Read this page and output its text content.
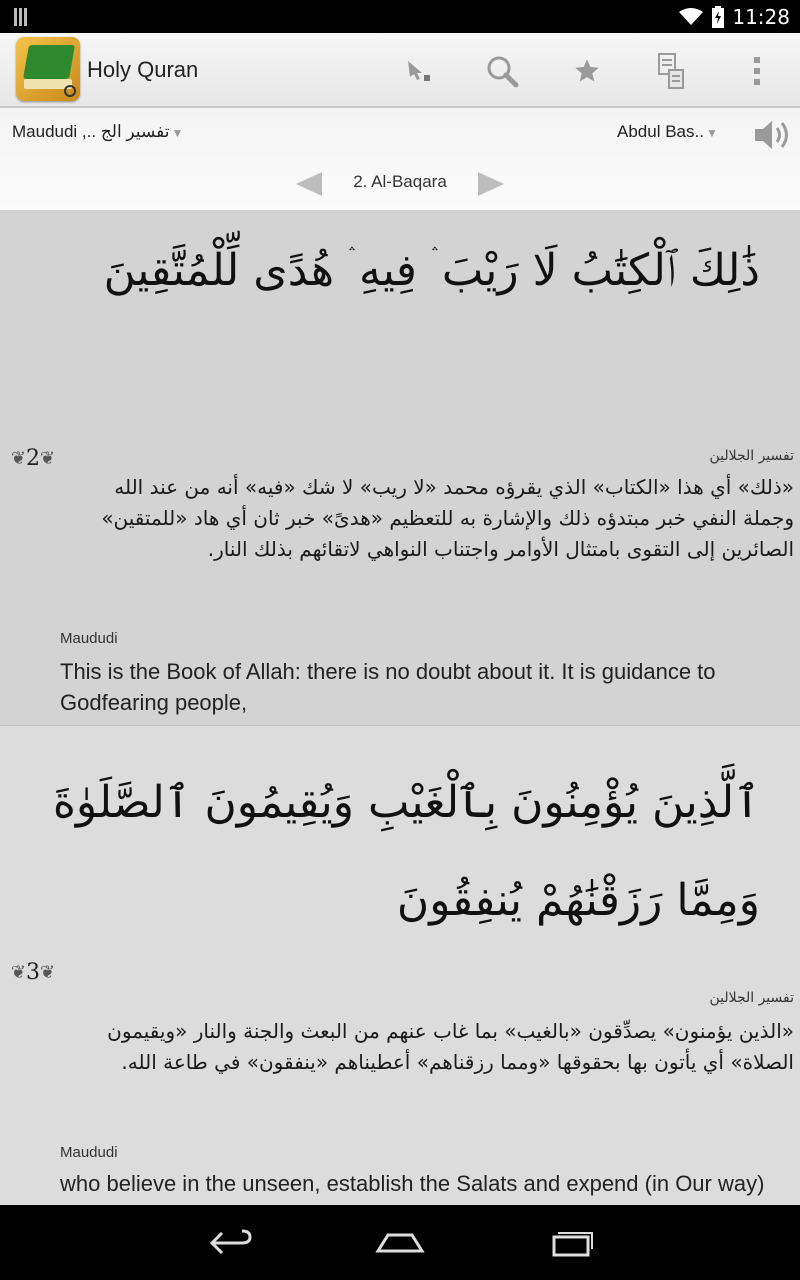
11:28
Holy Quran
Maududi ,.. تفسير الج ▼	Abdul Bas.. ▼
2. Al-Baqara
ذَٰلِكَ ٱلْكِتَٰبُ لَا رَيْبَ ۛ فِيهِ ۛ هُدًى لِّلْمُتَّقِينَ
❦ 2 ❦	تفسير الجلالين
«ذلك» أي هذا «الكتاب» الذي يقرؤه محمد «لا ريب» لا شك «فيه» أنه من عند الله وجملة النفي خبر مبتدؤه ذلك والإشارة به للتعظيم «هدىً» خبر ثان أي هاد «للمتقين» الصائرين إلى التقوى بامتثال الأوامر واجتناب النواهي لاتقائهم بذلك النار.
Maududi
This is the Book of Allah: there is no doubt about it. It is guidance to Godfearing people,
ٱلَّذِينَ يُؤْمِنُونَ بِٱلْغَيْبِ وَيُقِيمُونَ ٱلصَّلَوٰةَ وَمِمَّا رَزَقْنَٰهُمْ يُنفِقُونَ
❦ 3 ❦
تفسير الجلالين
«الذين يؤمنون» يصدِّقون «بالغيب» بما غاب عنهم من البعث والجنة والنار «ويقيمون الصلاة» أي يأتون بها بحقوقها «ومما رزقناهم» أعطيناهم «ينفقون» في طاعة الله.
Maududi
who believe in the unseen, establish the Salats and expend (in Our way)
